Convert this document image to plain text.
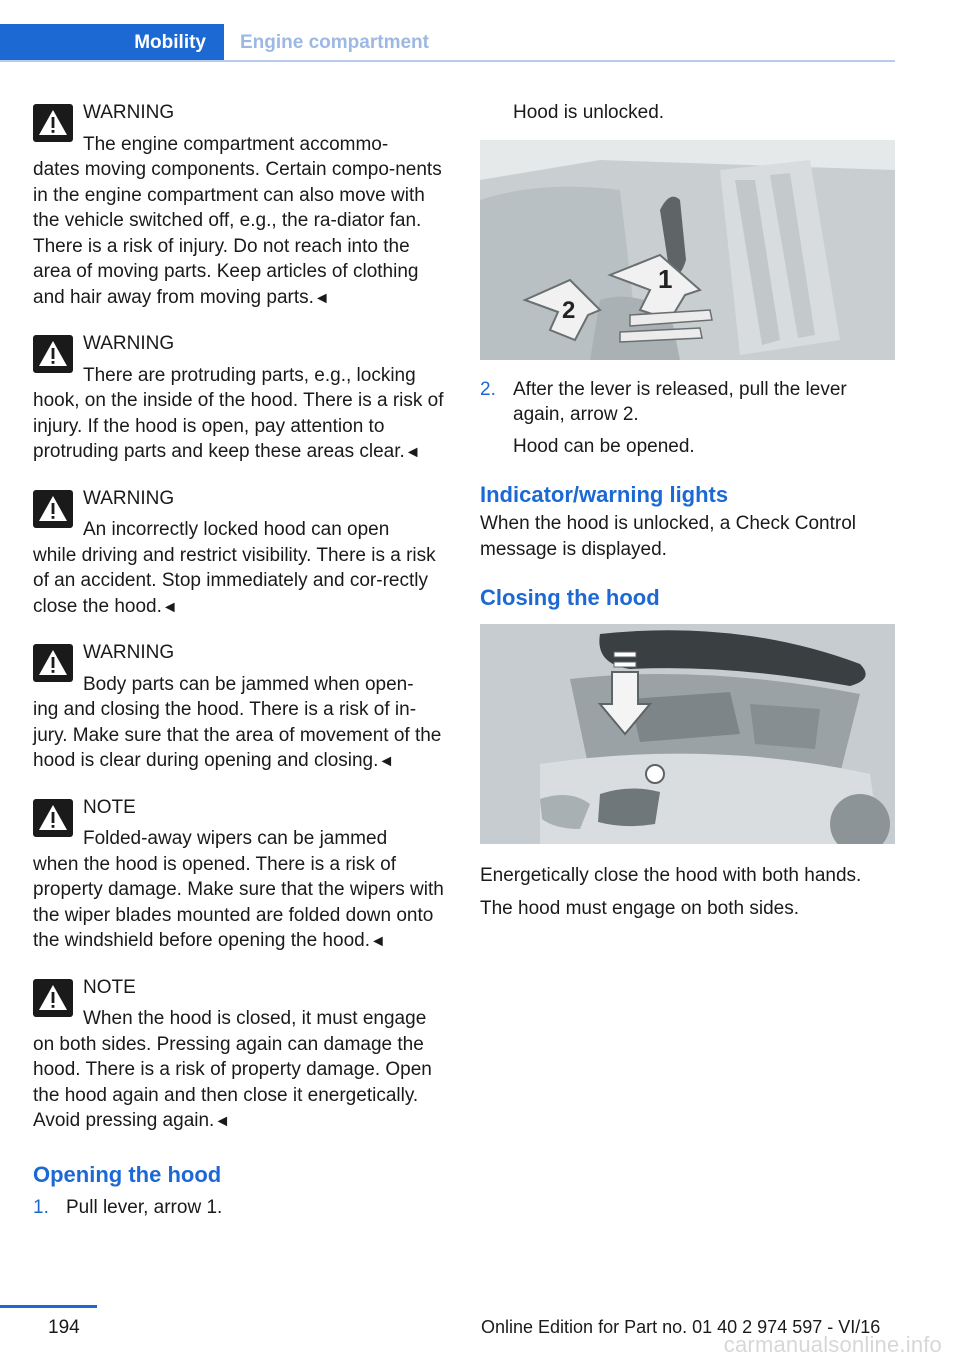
Mobility Engine compartment
WARNING
The engine compartment accommo-

dates moving components. Certain compo-nents in the engine compartment can also move with the vehicle switched off, e.g., the ra-diator fan. There is a risk of injury. Do not reach into the area of moving parts. Keep articles of clothing and hair away from moving parts.◄

WARNING
There are protruding parts, e.g., locking

hook, on the inside of the hood. There is a risk of injury. If the hood is open, pay attention to protruding parts and keep these areas clear.◄

WARNING
An incorrectly locked hood can open

while driving and restrict visibility. There is a risk of an accident. Stop immediately and cor-rectly close the hood.◄

WARNING
Body parts can be jammed when open-

ing and closing the hood. There is a risk of in-jury. Make sure that the area of movement of the hood is clear during opening and closing.◄

NOTE
Folded-away wipers can be jammed

when the hood is opened. There is a risk of property damage. Make sure that the wipers with the wiper blades mounted are folded down onto the windshield before opening the hood.◄

NOTE
When the hood is closed, it must engage

on both sides. Pressing again can damage the hood. There is a risk of property damage. Open the hood again and then close it energetically. Avoid pressing again.◄

Opening the hood
1. Pull lever, arrow 1.

Hood is unlocked.

1
2
2. After the lever is released, pull the lever again, arrow 2.

Hood can be opened.

Indicator/warning lights

When the hood is unlocked, a Check Control message is displayed.

Closing the hood

Energetically close the hood with both hands.

The hood must engage on both sides.

194	Online Edition for Part no. 01 40 2 974 597 - VI/16
carmanualsonline.info
